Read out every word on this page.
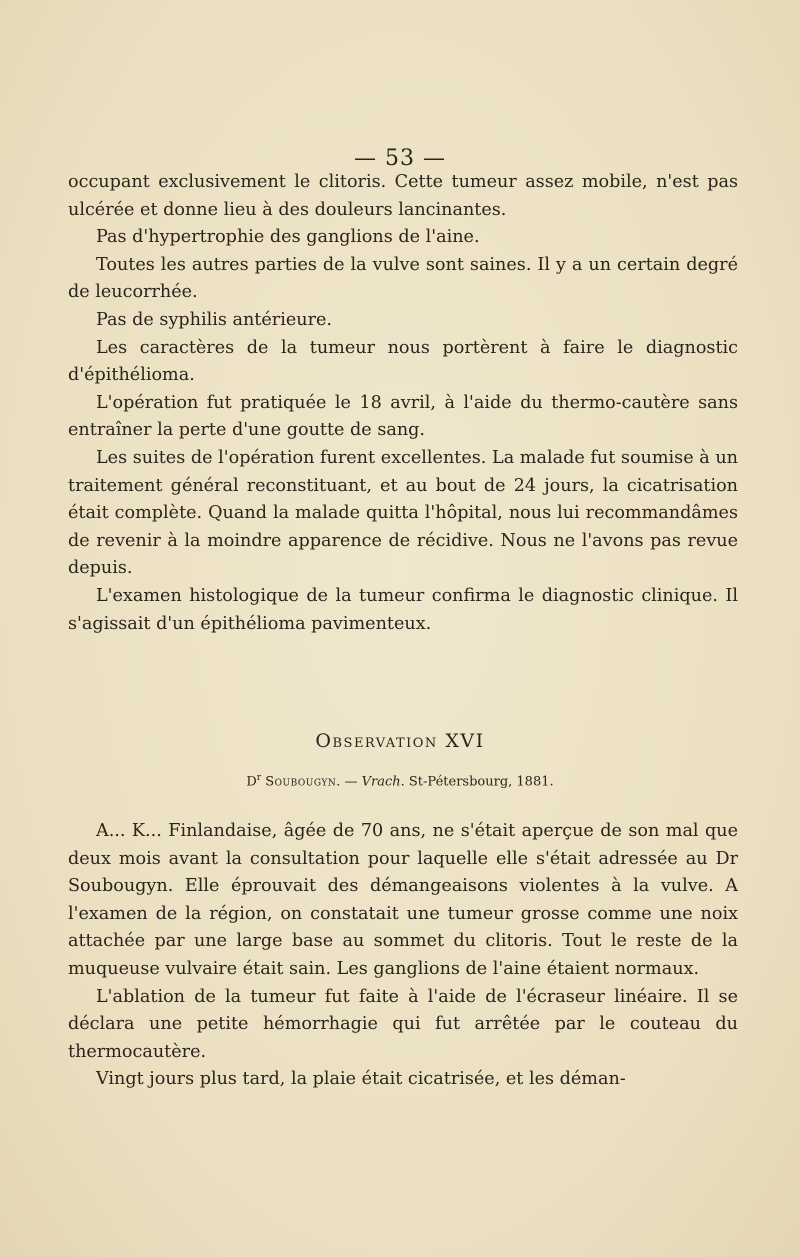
— 53 —

occupant exclusivement le clitoris. Cette tumeur assez mobile, n'est pas ulcérée et donne lieu à des douleurs lancinantes.

Pas d'hypertrophie des ganglions de l'aine.

Toutes les autres parties de la vulve sont saines. Il y a un certain degré de leucorrhée.

Pas de syphilis antérieure.

Les caractères de la tumeur nous portèrent à faire le diagnostic d'épithélioma.

L'opération fut pratiquée le 18 avril, à l'aide du thermo-cautère sans entraîner la perte d'une goutte de sang.

Les suites de l'opération furent excellentes. La malade fut soumise à un traitement général reconstituant, et au bout de 24 jours, la cicatrisation était complète. Quand la malade quitta l'hôpital, nous lui recommandâmes de revenir à la moindre apparence de récidive. Nous ne l'avons pas revue depuis.

L'examen histologique de la tumeur confirma le diagnostic clinique. Il s'agissait d'un épithélioma pavimenteux.

Observation XVI
$D^r$ Soubougyn. — Vrach. St-Pétersbourg, 1881.

A... K... Finlandaise, âgée de 70 ans, ne s'était aperçue de son mal que deux mois avant la consultation pour laquelle elle s'était adressée au Dr Soubougyn. Elle éprouvait des démangeaisons violentes à la vulve. A l'examen de la région, on constatait une tumeur grosse comme une noix attachée par une large base au sommet du clitoris. Tout le reste de la muqueuse vulvaire était sain. Les ganglions de l'aine étaient normaux.

L'ablation de la tumeur fut faite à l'aide de l'écraseur linéaire. Il se déclara une petite hémorrhagie qui fut arrêtée par le couteau du thermocautère.

Vingt jours plus tard, la plaie était cicatrisée, et les déman-
